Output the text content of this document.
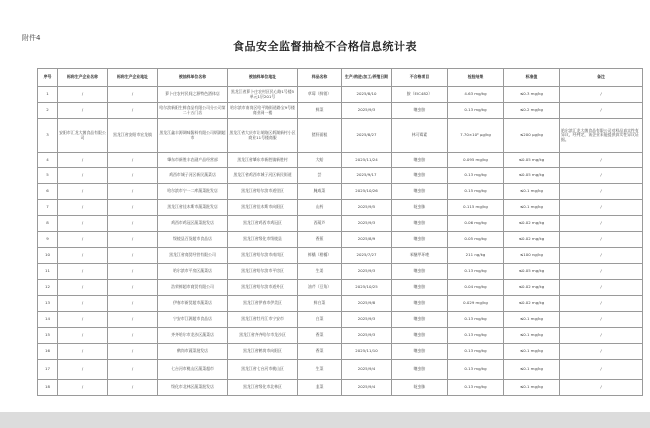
附件4
食品安全监督抽检不合格信息统计表
序号	标称生产企业名称	标称生产企业地址	被抽样单位名称	被抽样单位地址	样品名称	生产/购进/加工/养殖日期	不合格项目	检验结果	标准值	备注
1	/	/	萝卜庄农村民间之源特色酒体店	黑龙江省萝卜庄农村区民心路1号楼5单元1层201号	草莓（鲜销）	2025/8/10	胺（EIC482）	4.63 mg/kg	≤0.3 mg/kg	/
2	/	/	哈尔滨新阳生鲜食品有限公司分公司第二十五门店	哈尔滨市南岗区哈平路街道路宝9号楼商业网一楼	鲜菜	2025/9/3	噻虫胺	0.13 mg/kg	≤0.2 mg/kg	/
3	安阳市汇龙大菌食品有限公司	黑龙江省安阳市宏龙镇	黑龙江鑫丰源调味酱料有限公司炳湖超市	黑龙江省大庆市让胡路区炳湖新村小区商业11号楼商服	猪肝面糕	2025/8/27	林可霉素	7.70×10⁴ μg/kg	≤200 μg/kg	哈尔滨汇龙大菌食品有限公司对样品真实性有异议，经判定，该企业未能提供真实性异议证据。
4	/	/	肇东市新胜丰农副产品经营部	黑龙江省肇东市新胜镇新胜村	大蛤	2025/11/24	噻虫胺	0.095 mg/kg	≤0.05 mg/kg	/
5	/	/	鸡西市城子河区新民蔬菜店	黑龙江省鸡西市城子河区新民街道	芸	2025/9/17	噻虫胺	0.13 mg/kg	≤0.05 mg/kg	/
6	/	/	哈尔滨市宁一二库蔬菜批发店	黑龙江省哈尔滨市道里区	腌咸菜	2025/10/26	噻虫胺	0.15 mg/kg	≤0.1 mg/kg	/
7	/	/	黑龙江省佳木斯市蔬菜批发店	黑龙江省佳木斯市向阳区	山药	2025/9/5	啶虫脒	0.115 mg/kg	≤0.1 mg/kg	/
8	/	/	鸡西市鸡冠区蔬菜批发店	黑龙江省鸡西市鸡冠区	西葫芦	2025/9/3	噻虫胺	0.06 mg/kg	≤0.02 mg/kg	/
9	/	/	绥棱县百货超市食品店	黑龙江省绥化市绥棱县	香蕉	2025/8/9	噻虫胺	0.05 mg/kg	≤0.02 mg/kg	/
10	/	/	黑龙江省商贸经营有限公司	黑龙江省哈尔滨市南岗区	鲜橘（柑橘）	2025/7/27	苯醚甲环唑	211 ng/kg	≤100 ng/kg	/
11	/	/	哈尔滨市平房区蔬菜店	黑龙江省哈尔滨市平房区	生姜	2025/9/3	噻虫胺	0.13 mg/kg	≤0.05 mg/kg	/
12	/	/	浩荣鲜超市商贸有限公司	黑龙江省哈尔滨市道外区	油芹（豆角）	2025/10/25	噻虫胺	0.04 mg/kg	≤0.02 mg/kg	/
13	/	/	伊春市新贸超市蔬菜店	黑龙江省伊春市伊美区	鲜白菜	2025/9/8	噻虫胺	0.029 mg/kg	≤0.02 mg/kg	/
14	/	/	宁安市江源超市食品店	黑龙江省牡丹江市宁安市	白菜	2025/9/3	噻虫胺	0.13 mg/kg	≤0.1 mg/kg	/
15	/	/	齐齐哈尔市龙沙区蔬菜店	黑龙江省齐齐哈尔市龙沙区	香菜	2025/9/3	噻虫胺	0.13 mg/kg	≤0.1 mg/kg	/
16	/	/	鹤岗市蔬菜批发店	黑龙江省鹤岗市向阳区	香菜	2025/11/10	噻虫胺	0.13 mg/kg	≤0.1 mg/kg	/
17	/	/	七台河市桃山区蔬菜超市	黑龙江省七台河市桃山区	生菜	2025/9/4	噻虫胺	0.13 mg/kg	≤0.1 mg/kg	/
18	/	/	绥化市北林区蔬菜批发店	黑龙江省绥化市北林区	韭菜	2025/9/4	啶虫脒	0.13 mg/kg	≤0.1 mg/kg	/
